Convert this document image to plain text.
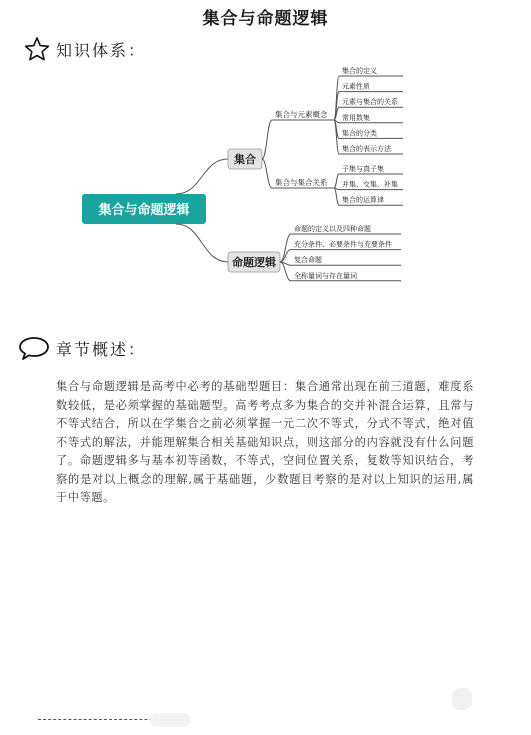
集合与命题逻辑
知识体系：
集合与命题逻辑
集合
集合与元素概念
集合的定义
元素性质
元素与集合的关系
常用数集
集合的分类
集合的表示方法
集合与集合关系
子集与真子集
并集、交集、补集
集合的运算律
命题逻辑
命题的定义以及四种命题
充分条件、必要条件与充要条件
复合命题
全称量词与存在量词
章节概述：
集合与命题逻辑是高考中必考的基础型题目：集合通常出现在前三道题，难度系数较低，是必须掌握的基础题型。高考考点多为集合的交并补混合运算，且常与不等式结合，所以在学集合之前必须掌握一元二次不等式，分式不等式，绝对值不等式的解法，并能理解集合相关基础知识点，则这部分的内容就没有什么问题了。命题逻辑多与基本初等函数，不等式，空间位置关系，复数等知识结合，考察的是对以上概念的理解,属于基础题，少数题目考察的是对以上知识的运用,属于中等题。
